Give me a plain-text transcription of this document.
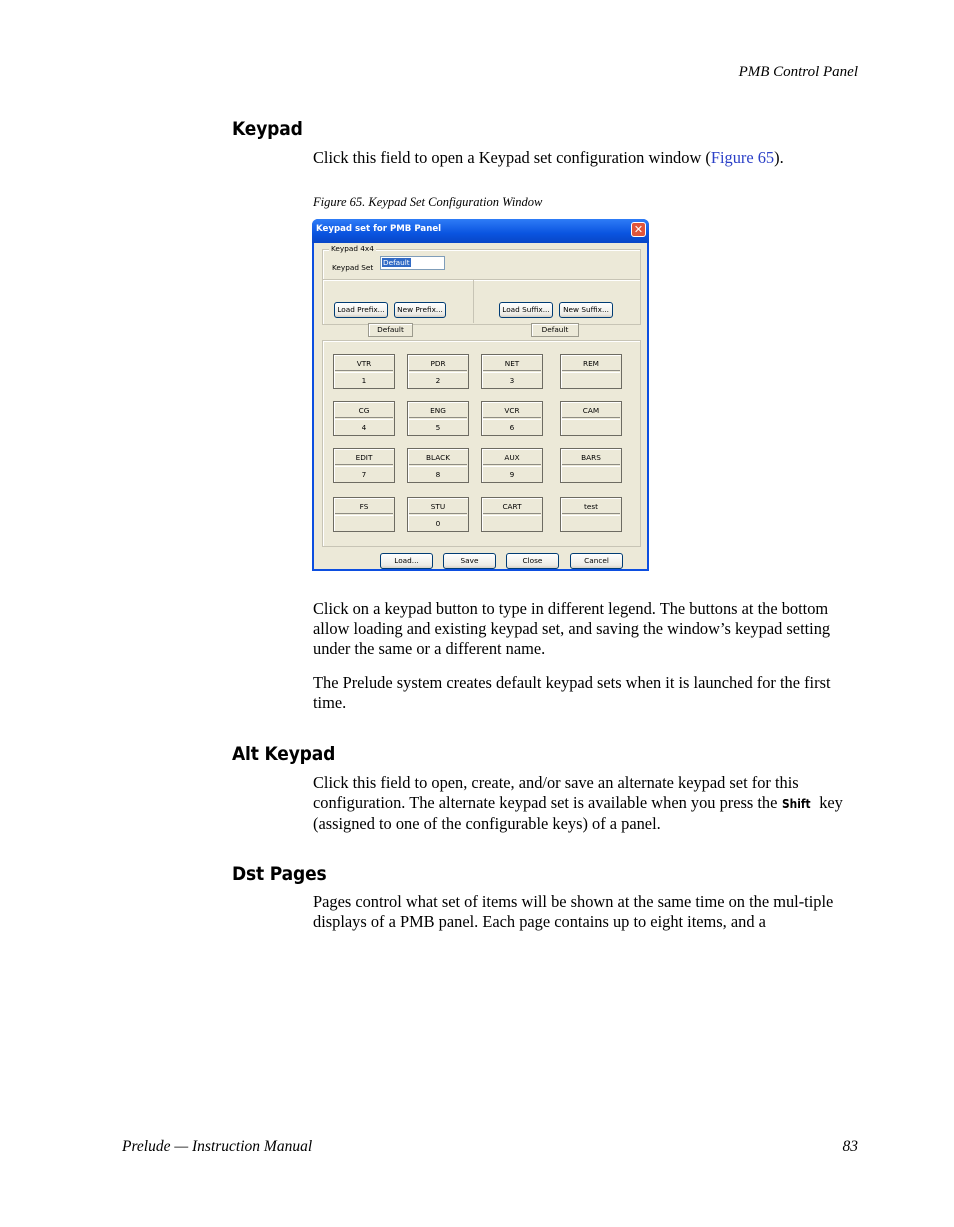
PMB Control Panel
Keypad

Click this field to open a Keypad set configuration window (Figure 65).

Figure 65. Keypad Set Configuration Window
Keypad set for PMB Panel	✕
Keypad 4x4
Keypad Set
Default
Load Prefix...	New Prefix...
Default
Load Suffix...	New Suffix...
Default
VTR
1
PDR
2
NET
3
REM
CG
4
ENG
5
VCR
6
CAM
EDIT
7
BLACK
8
AUX
9
BARS
FS	STU
0
CART	test
Load...	Save	Close	Cancel

Click on a keypad button to type in different legend. The buttons at the bottom allow loading and existing keypad set, and saving the window’s keypad setting under the same or a different name.

The Prelude system creates default keypad sets when it is launched for the first time.

Alt Keypad

Click this field to open, create, and/or save an alternate keypad set for this configuration. The alternate keypad set is available when you press the Shift key (assigned to one of the configurable keys) of a panel.

Dst Pages

Pages control what set of items will be shown at the same time on the mul-tiple displays of a PMB panel. Each page contains up to eight items, and a

Prelude — Instruction Manual	83
